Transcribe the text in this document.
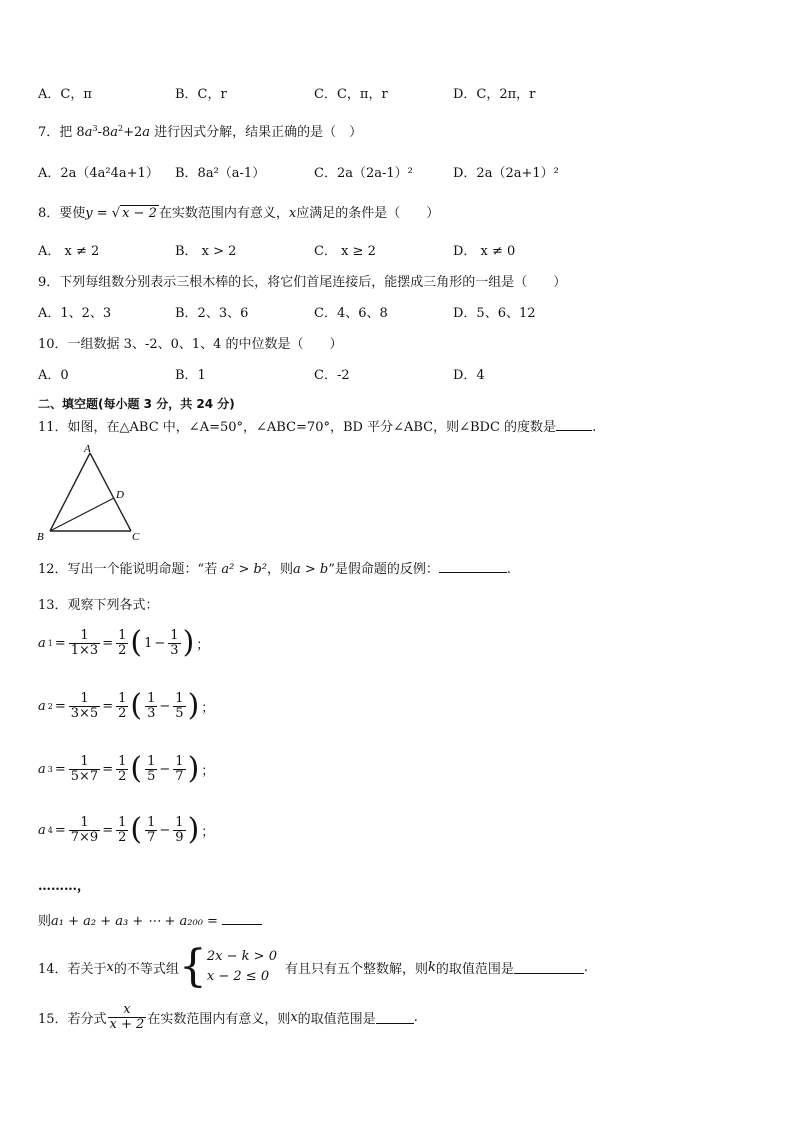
A．C，π	B．C，r	C．C，π，r	D．C，2π，r
7．把 $8a^3-8a^2+2a$ 进行因式分解，结果正确的是（　）
A．2a（4a²4a+1） B．8a²（a-1）	C．2a（2a-1）²	D．2a（2a+1）²
8．要使y = √ x − 2 在实数范围内有意义，x应满足的条件是（　　）
A． x ≠ 2	B． x > 2	C． x ≥ 2	D． x ≠ 0
9．下列每组数分别表示三根木棒的长，将它们首尾连接后，能摆成三角形的一组是（　　）
A．1、2、3	B．2、3、6	C．4、6、8	D．5、6、12
10．一组数据 3、-2、0、1、4 的中位数是（　　）
A．0	B．1	C．-2	D．4
二、填空题(每小题 3 分，共 24 分)
11．如图，在△ABC 中，∠A=50°，∠ABC=70°，BD 平分∠ABC，则∠BDC 的度数是	.
A
B	C
D
12．写出一个能说明命题：“若 a² > b²，则a > b”是假命题的反例：	.
13．观察下列各式：
a $1 = \frac{1}{1\times 3} = \frac{1}{2}$ ( $1 - \frac{1}{3}$ ) ；
a $2 = \frac{1}{3\times 5} = \frac{1}{2}$ ( $\frac{1}{3} - \frac{1}{5}$ ) ；
a $3 = \frac{1}{5\times 7} = \frac{1}{2}$ ( $\frac{1}{5} - \frac{1}{7}$ ) ；
a $4 = \frac{1}{7\times 9} = \frac{1}{2}$ ( $\frac{1}{7} - \frac{1}{9}$ ) ；
………，
则a₁ + a₂ + a₃ + ⋯ + a₂₀₀ =
14．若关于 x 的不等式组 { 2x − k > 0
x − 2 ≤ 0	有且只有五个整数解，则 k 的取值范围是	.
15．若分式 $\frac{x}{x + 2}$ 在实数范围内有意义，则 x 的取值范围是	.
